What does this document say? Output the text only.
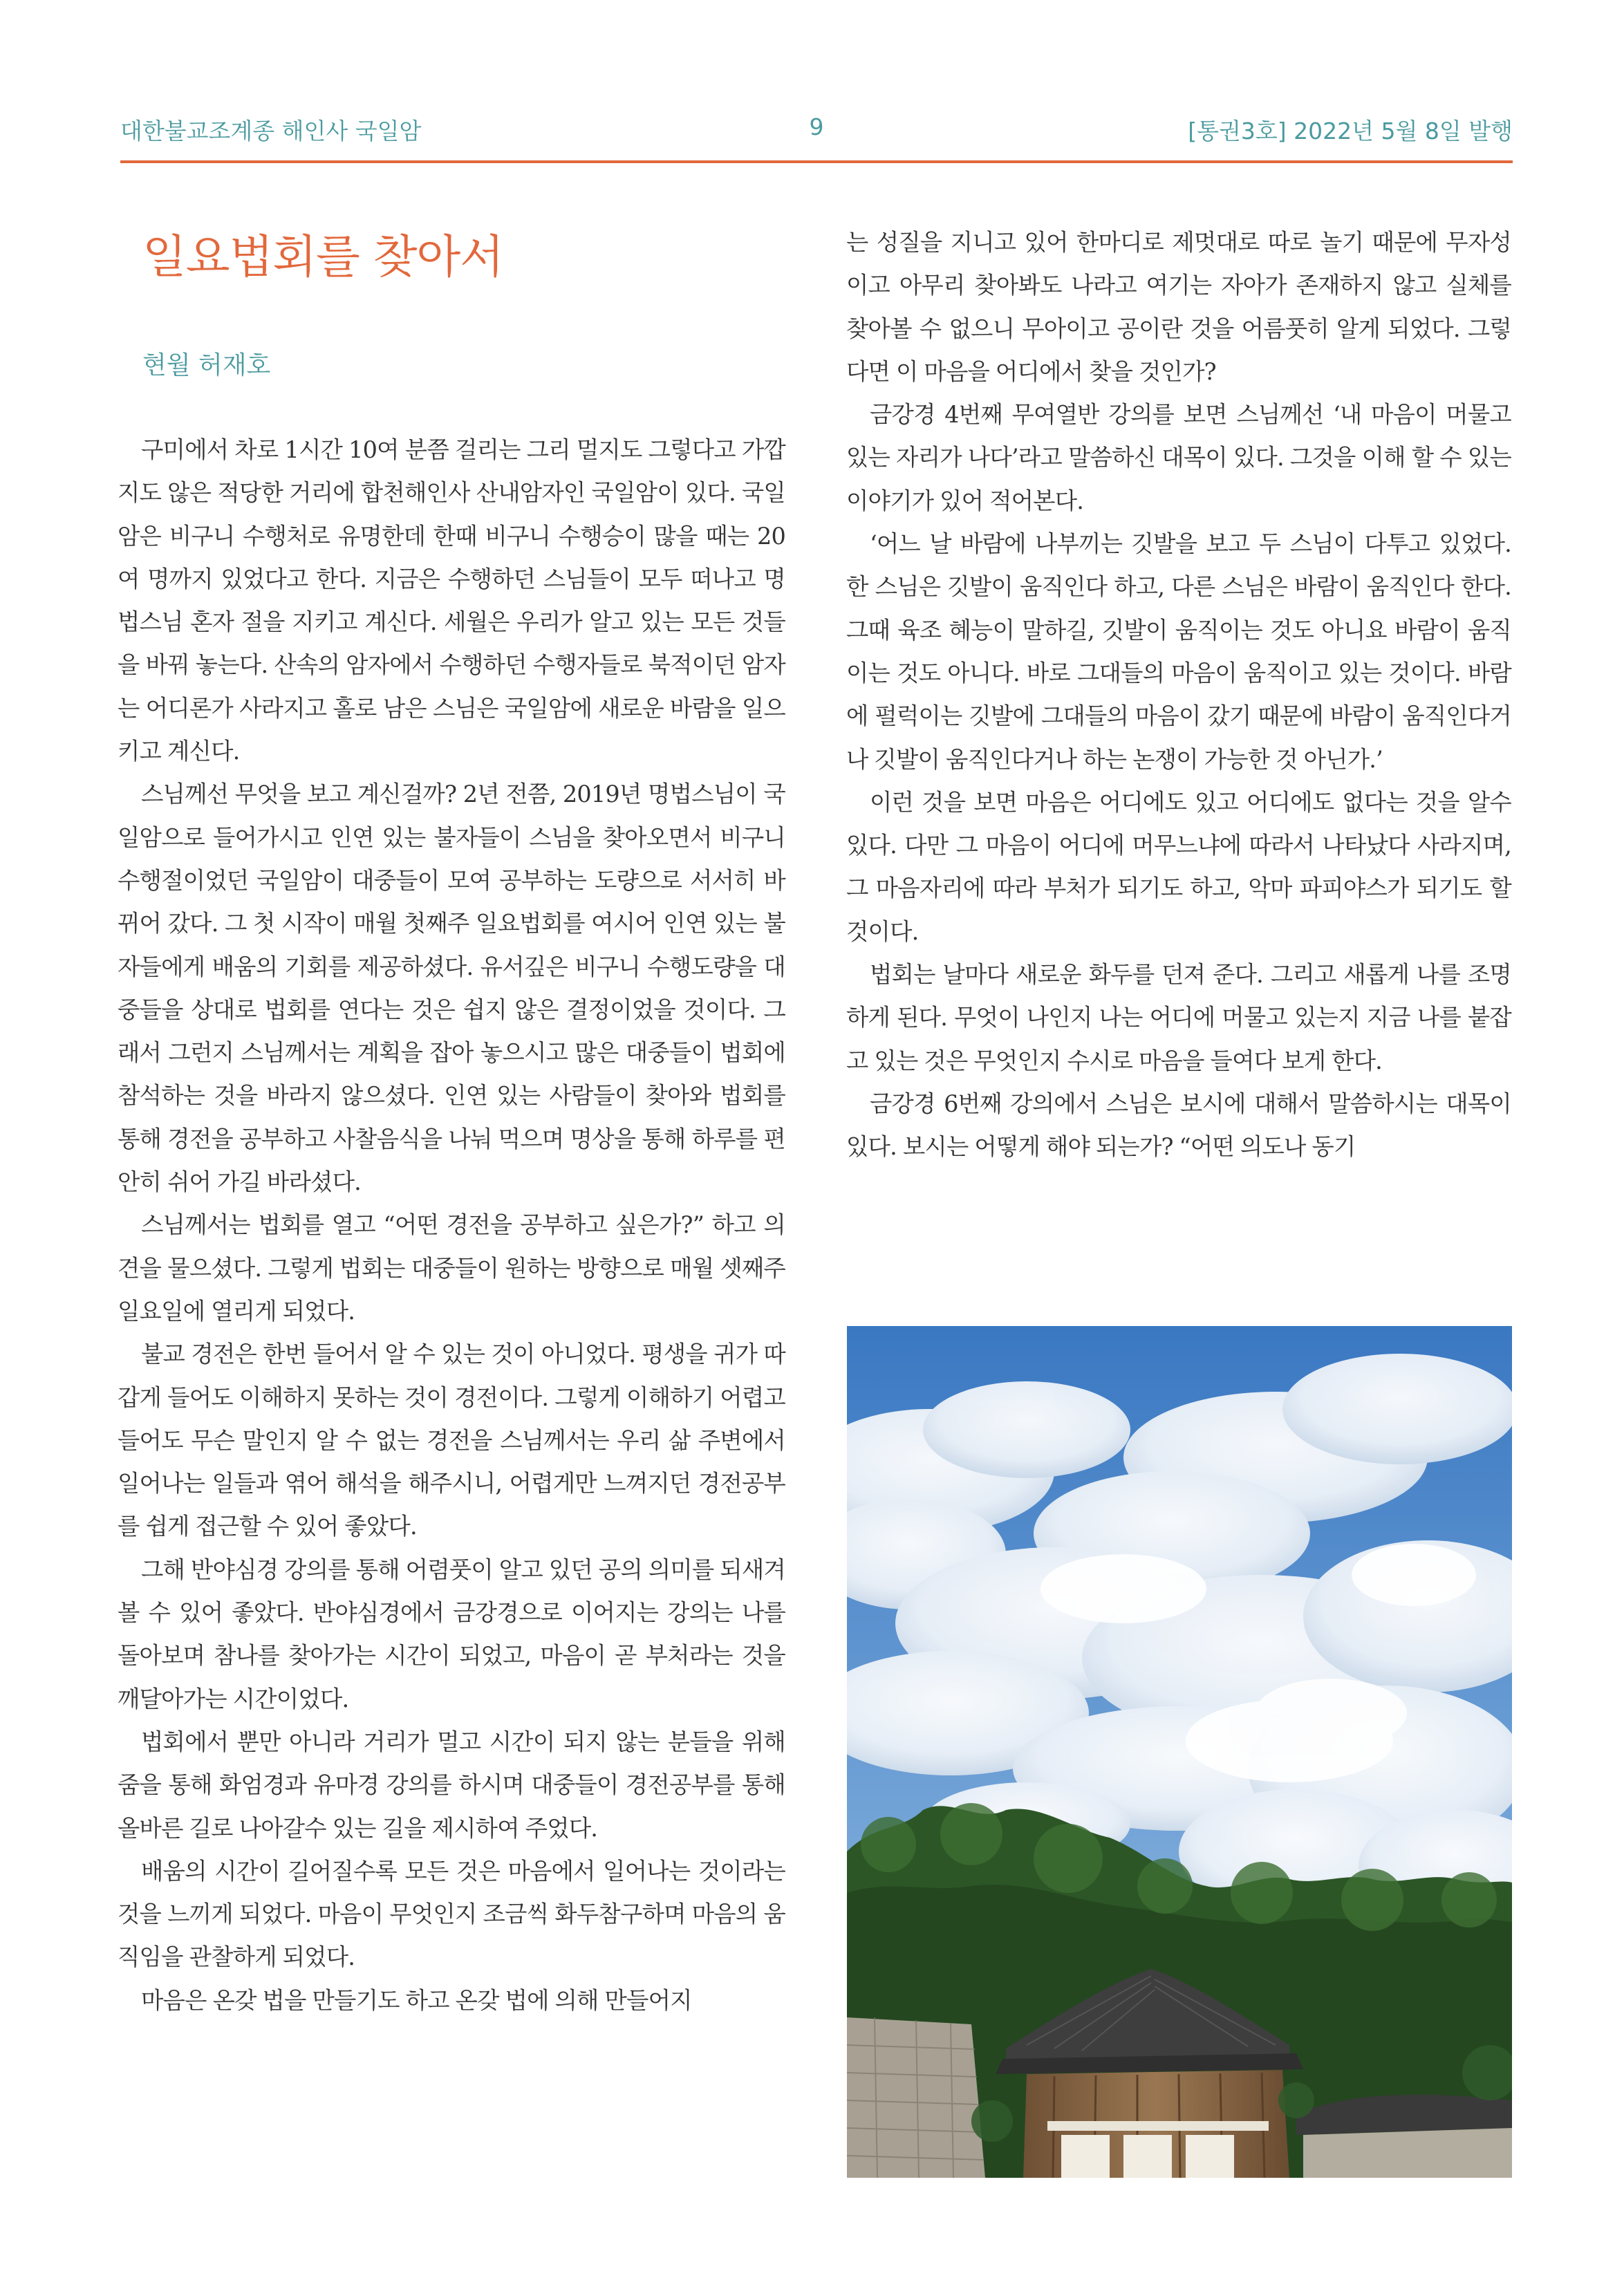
대한불교조계종 해인사 국일암	9	[통권3호] 2022년 5월 8일 발행
일요법회를 찾아서
현월 허재호

구미에서 차로 1시간 10여 분쯤 걸리는 그리 멀지도 그렇다고 가깝지도 않은 적당한 거리에 합천해인사 산내암자인 국일암이 있다. 국일암은 비구니 수행처로 유명한데 한때 비구니 수행승이 많을 때는 20여 명까지 있었다고 한다. 지금은 수행하던 스님들이 모두 떠나고 명법스님 혼자 절을 지키고 계신다. 세월은 우리가 알고 있는 모든 것들을 바꿔 놓는다. 산속의 암자에서 수행하던 수행자들로 북적이던 암자는 어디론가 사라지고 홀로 남은 스님은 국일암에 새로운 바람을 일으키고 계신다.

스님께선 무엇을 보고 계신걸까? 2년 전쯤, 2019년 명법스님이 국일암으로 들어가시고 인연 있는 불자들이 스님을 찾아오면서 비구니 수행절이었던 국일암이 대중들이 모여 공부하는 도량으로 서서히 바뀌어 갔다. 그 첫 시작이 매월 첫째주 일요법회를 여시어 인연 있는 불자들에게 배움의 기회를 제공하셨다. 유서깊은 비구니 수행도량을 대중들을 상대로 법회를 연다는 것은 쉽지 않은 결정이었을 것이다. 그래서 그런지 스님께서는 계획을 잡아 놓으시고 많은 대중들이 법회에 참석하는 것을 바라지 않으셨다. 인연 있는 사람들이 찾아와 법회를 통해 경전을 공부하고 사찰음식을 나눠 먹으며 명상을 통해 하루를 편안히 쉬어 가길 바라셨다.

스님께서는 법회를 열고 “어떤 경전을 공부하고 싶은가?” 하고 의견을 물으셨다. 그렇게 법회는 대중들이 원하는 방향으로 매월 셋째주 일요일에 열리게 되었다.

불교 경전은 한번 들어서 알 수 있는 것이 아니었다. 평생을 귀가 따갑게 들어도 이해하지 못하는 것이 경전이다. 그렇게 이해하기 어렵고 들어도 무슨 말인지 알 수 없는 경전을 스님께서는 우리 삶 주변에서 일어나는 일들과 엮어 해석을 해주시니, 어렵게만 느껴지던 경전공부를 쉽게 접근할 수 있어 좋았다.

그해 반야심경 강의를 통해 어렴풋이 알고 있던 공의 의미를 되새겨 볼 수 있어 좋았다. 반야심경에서 금강경으로 이어지는 강의는 나를 돌아보며 참나를 찾아가는 시간이 되었고, 마음이 곧 부처라는 것을 깨달아가는 시간이었다.

법회에서 뿐만 아니라 거리가 멀고 시간이 되지 않는 분들을 위해 줌을 통해 화엄경과 유마경 강의를 하시며 대중들이 경전공부를 통해 올바른 길로 나아갈수 있는 길을 제시하여 주었다.

배움의 시간이 길어질수록 모든 것은 마음에서 일어나는 것이라는 것을 느끼게 되었다. 마음이 무엇인지 조금씩 화두참구하며 마음의 움직임을 관찰하게 되었다.

마음은 온갖 법을 만들기도 하고 온갖 법에 의해 만들어지

는 성질을 지니고 있어 한마디로 제멋대로 따로 놀기 때문에 무자성이고 아무리 찾아봐도 나라고 여기는 자아가 존재하지 않고 실체를 찾아볼 수 없으니 무아이고 공이란 것을 어름풋히 알게 되었다. 그렇다면 이 마음을 어디에서 찾을 것인가?

금강경 4번째 무여열반 강의를 보면 스님께선 ‘내 마음이 머물고 있는 자리가 나다’라고 말씀하신 대목이 있다. 그것을 이해 할 수 있는 이야기가 있어 적어본다.

‘어느 날 바람에 나부끼는 깃발을 보고 두 스님이 다투고 있었다. 한 스님은 깃발이 움직인다 하고, 다른 스님은 바람이 움직인다 한다. 그때 육조 혜능이 말하길, 깃발이 움직이는 것도 아니요 바람이 움직이는 것도 아니다. 바로 그대들의 마음이 움직이고 있는 것이다. 바람에 펄럭이는 깃발에 그대들의 마음이 갔기 때문에 바람이 움직인다거나 깃발이 움직인다거나 하는 논쟁이 가능한 것 아닌가.’

이런 것을 보면 마음은 어디에도 있고 어디에도 없다는 것을 알수있다. 다만 그 마음이 어디에 머무느냐에 따라서 나타났다 사라지며, 그 마음자리에 따라 부처가 되기도 하고, 악마 파피야스가 되기도 할 것이다.

법회는 날마다 새로운 화두를 던져 준다. 그리고 새롭게 나를 조명하게 된다. 무엇이 나인지 나는 어디에 머물고 있는지 지금 나를 붙잡고 있는 것은 무엇인지 수시로 마음을 들여다 보게 한다.

금강경 6번째 강의에서 스님은 보시에 대해서 말씀하시는 대목이 있다. 보시는 어떻게 해야 되는가? “어떤 의도나 동기
